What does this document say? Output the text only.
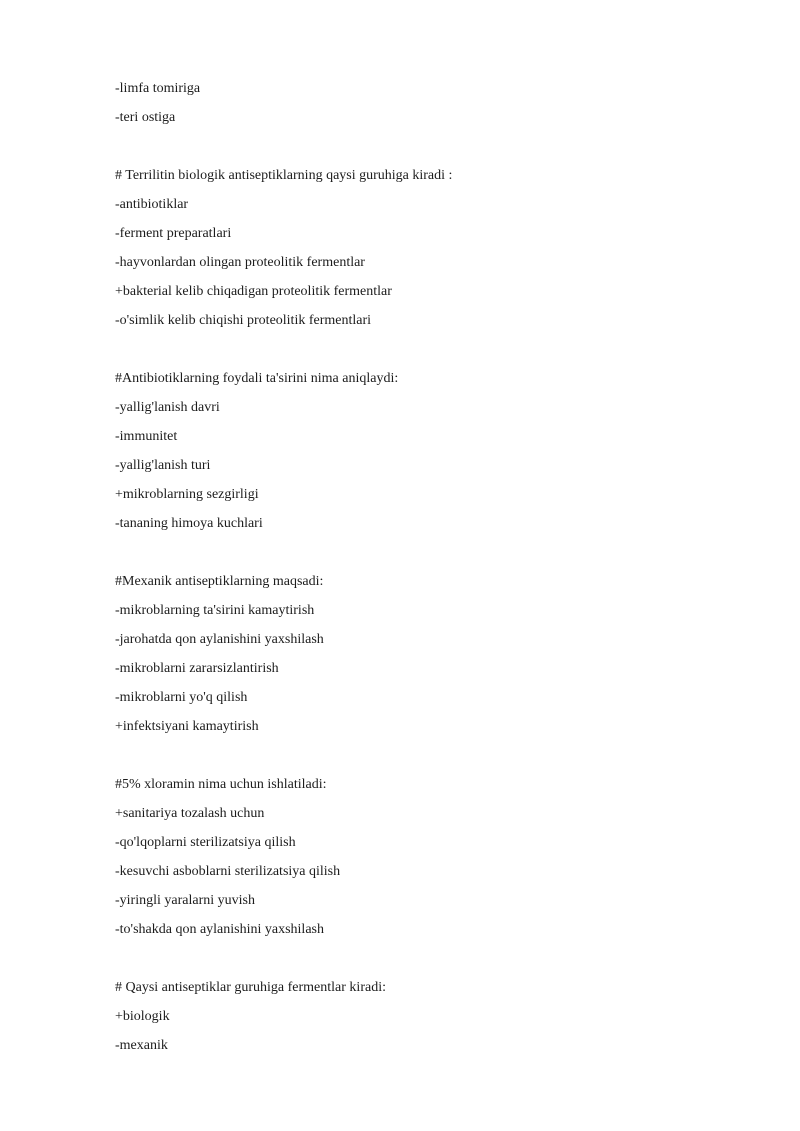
-limfa tomiriga
-teri ostiga
# Terrilitin biologik antiseptiklarning qaysi guruhiga kiradi :
-antibiotiklar
-ferment preparatlari
-hayvonlardan olingan proteolitik fermentlar
+bakterial kelib chiqadigan proteolitik fermentlar
-o'simlik kelib chiqishi proteolitik fermentlari
#Antibiotiklarning foydali ta'sirini nima aniqlaydi:
-yallig'lanish davri
-immunitet
-yallig'lanish turi
+mikroblarning sezgirligi
-tananing himoya kuchlari
#Mexanik antiseptiklarning maqsadi:
-mikroblarning ta'sirini kamaytirish
-jarohatda qon aylanishini yaxshilash
-mikroblarni zararsizlantirish
-mikroblarni yo'q qilish
+infektsiyani kamaytirish
#5% xloramin nima uchun ishlatiladi:
+sanitariya tozalash uchun
-qo'lqoplarni sterilizatsiya qilish
-kesuvchi asboblarni sterilizatsiya qilish
-yiringli yaralarni yuvish
-to'shakda qon aylanishini yaxshilash
# Qaysi antiseptiklar guruhiga fermentlar kiradi:
+biologik
-mexanik
